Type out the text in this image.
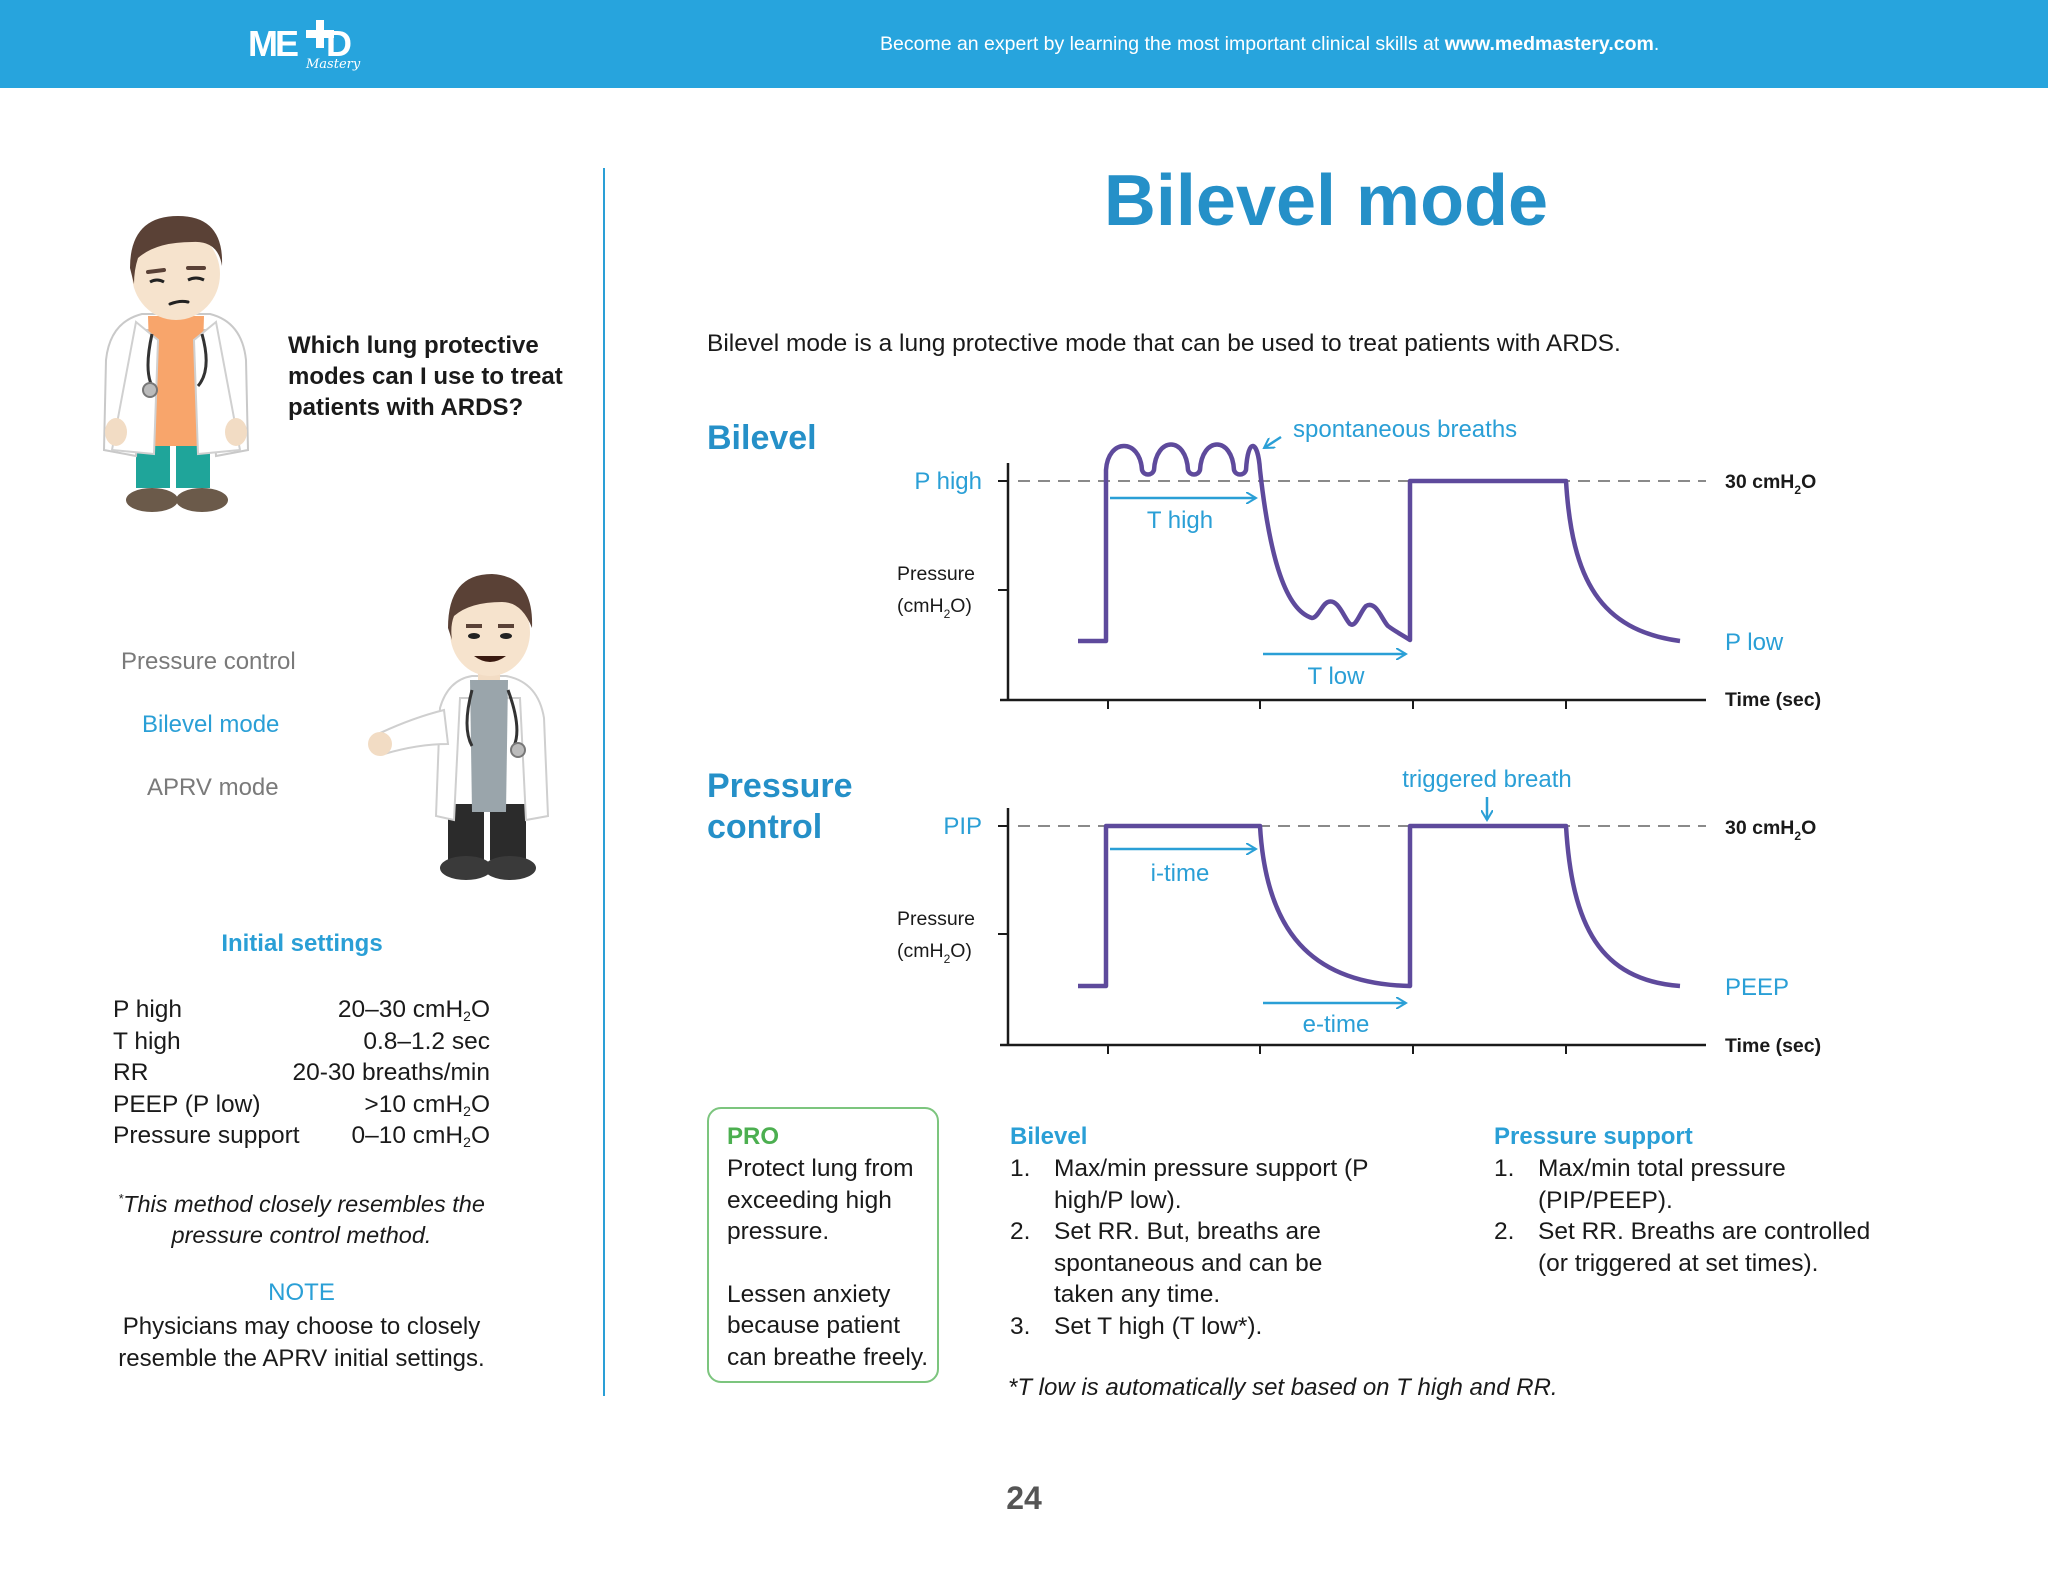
ME D
Mastery
Become an expert by learning the most important clinical skills at www.medmastery.com.
Which lung protective modes can I use to treat patients with ARDS?
Pressure control
Bilevel mode
APRV mode
Initial settings
P high	20–30 cmH$_2$O
T high	0.8–1.2 sec
RR	20-30 breaths/min
PEEP (P low)	>10 cmH$_2$O
Pressure support 0–10 cmH$_2$O
*This method closely resembles the pressure control method.
NOTE
Physicians may choose to closely resemble the APRV initial settings.
Bilevel mode
Bilevel mode is a lung protective mode that can be used to treat patients with ARDS.
Bilevel
Pressure
control
P high
Pressure
(cmH$_2$O)
30 cmH$_2$O
P low
Time (sec)
spontaneous breaths
T high
T low
PIP
Pressure
(cmH$_2$O)
30 cmH$_2$O
PEEP
Time (sec)
triggered breath
i-time
e-time
PRO
Protect lung from exceeding high pressure.
Lessen anxiety because patient can breathe freely.
Bilevel
1. Max/min pressure support (P high/P low).
2. Set RR. But, breaths are spontaneous and can be taken any time.
3. Set T high (T low*).
Pressure support
1. Max/min total pressure (PIP/PEEP).
2. Set RR. Breaths are controlled (or triggered at set times).
*T low is automatically set based on T high and RR.
24
